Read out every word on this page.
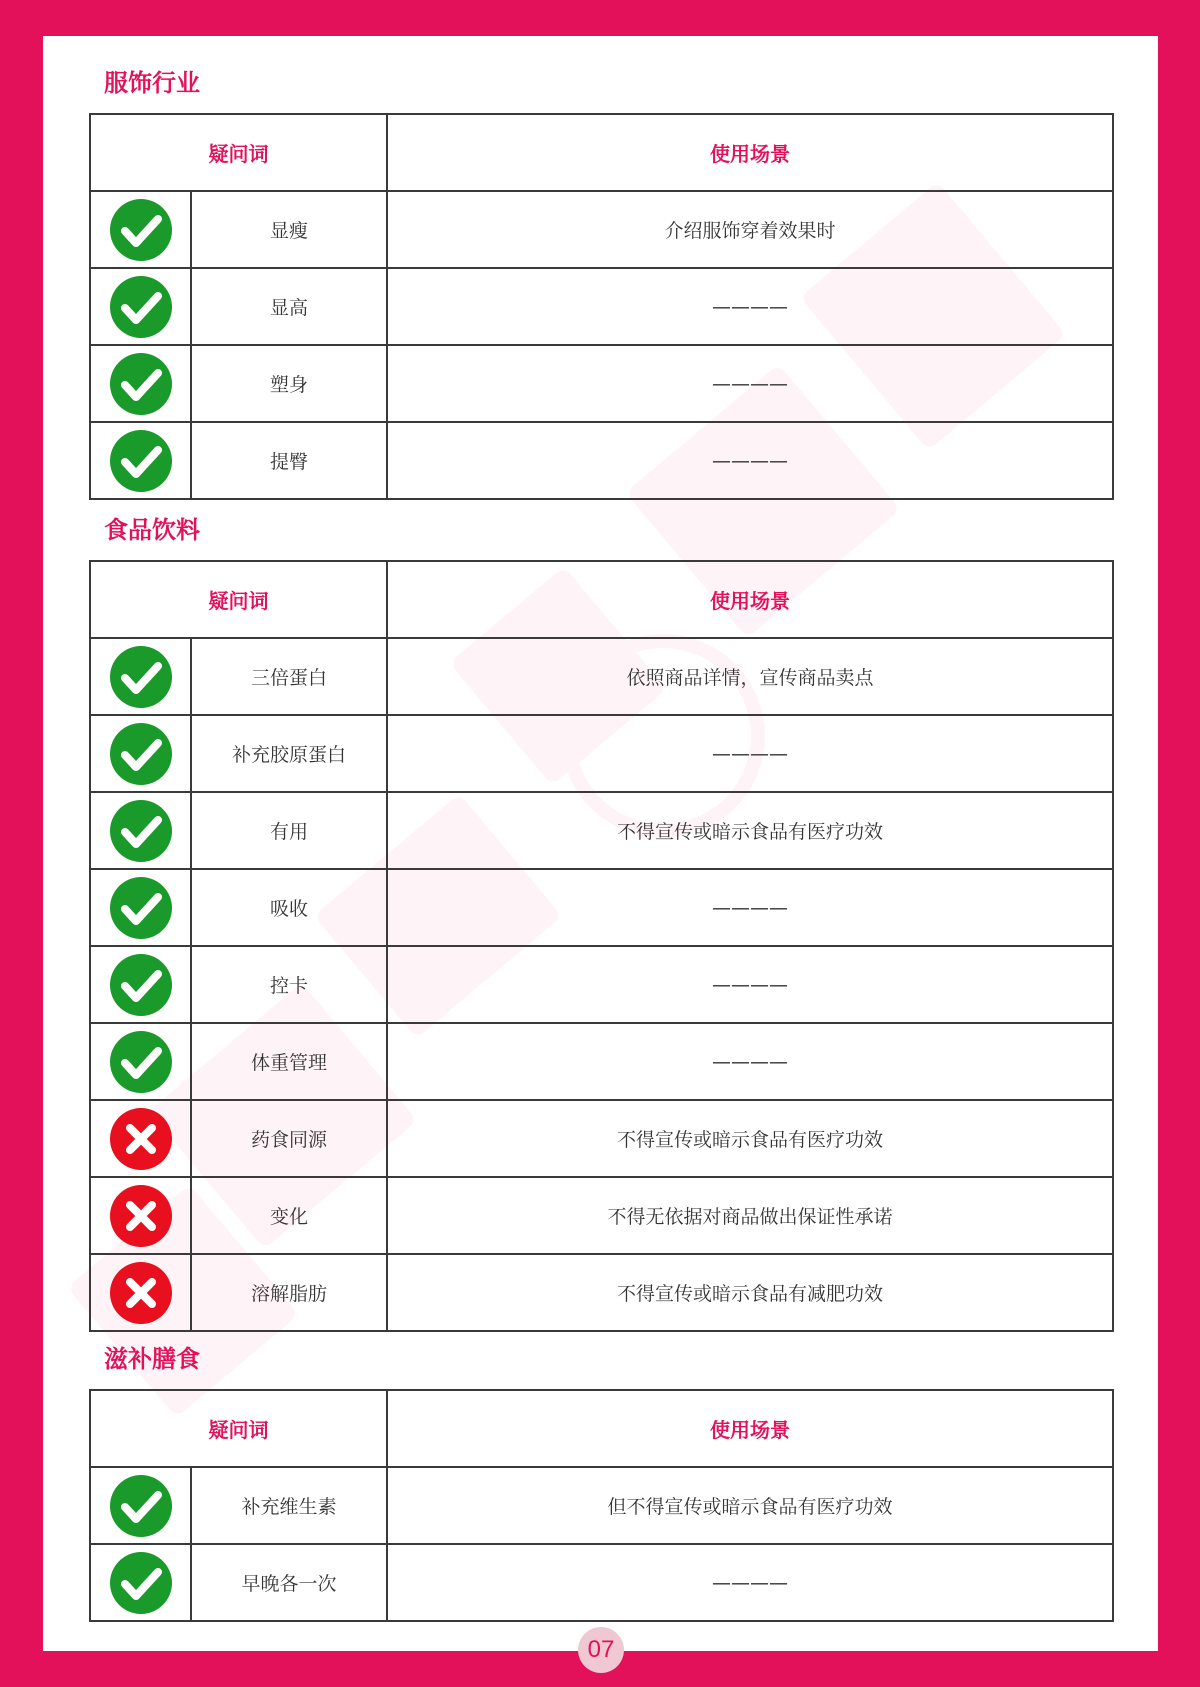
服饰行业
疑问词		使用场景

	显瘦	介绍服饰穿着效果时

	显高	————

	塑身	————

	提臀	————
食品饮料
疑问词		使用场景

	三倍蛋白	依照商品详情，宣传商品卖点

	补充胶原蛋白	————

	有用	不得宣传或暗示食品有医疗功效

	吸收	————

	控卡	————

	体重管理	————

	药食同源	不得宣传或暗示食品有医疗功效

	变化	不得无依据对商品做出保证性承诺

	溶解脂肪	不得宣传或暗示食品有减肥功效
滋补膳食
疑问词		使用场景

	补充维生素	但不得宣传或暗示食品有医疗功效

	早晚各一次	————
07
